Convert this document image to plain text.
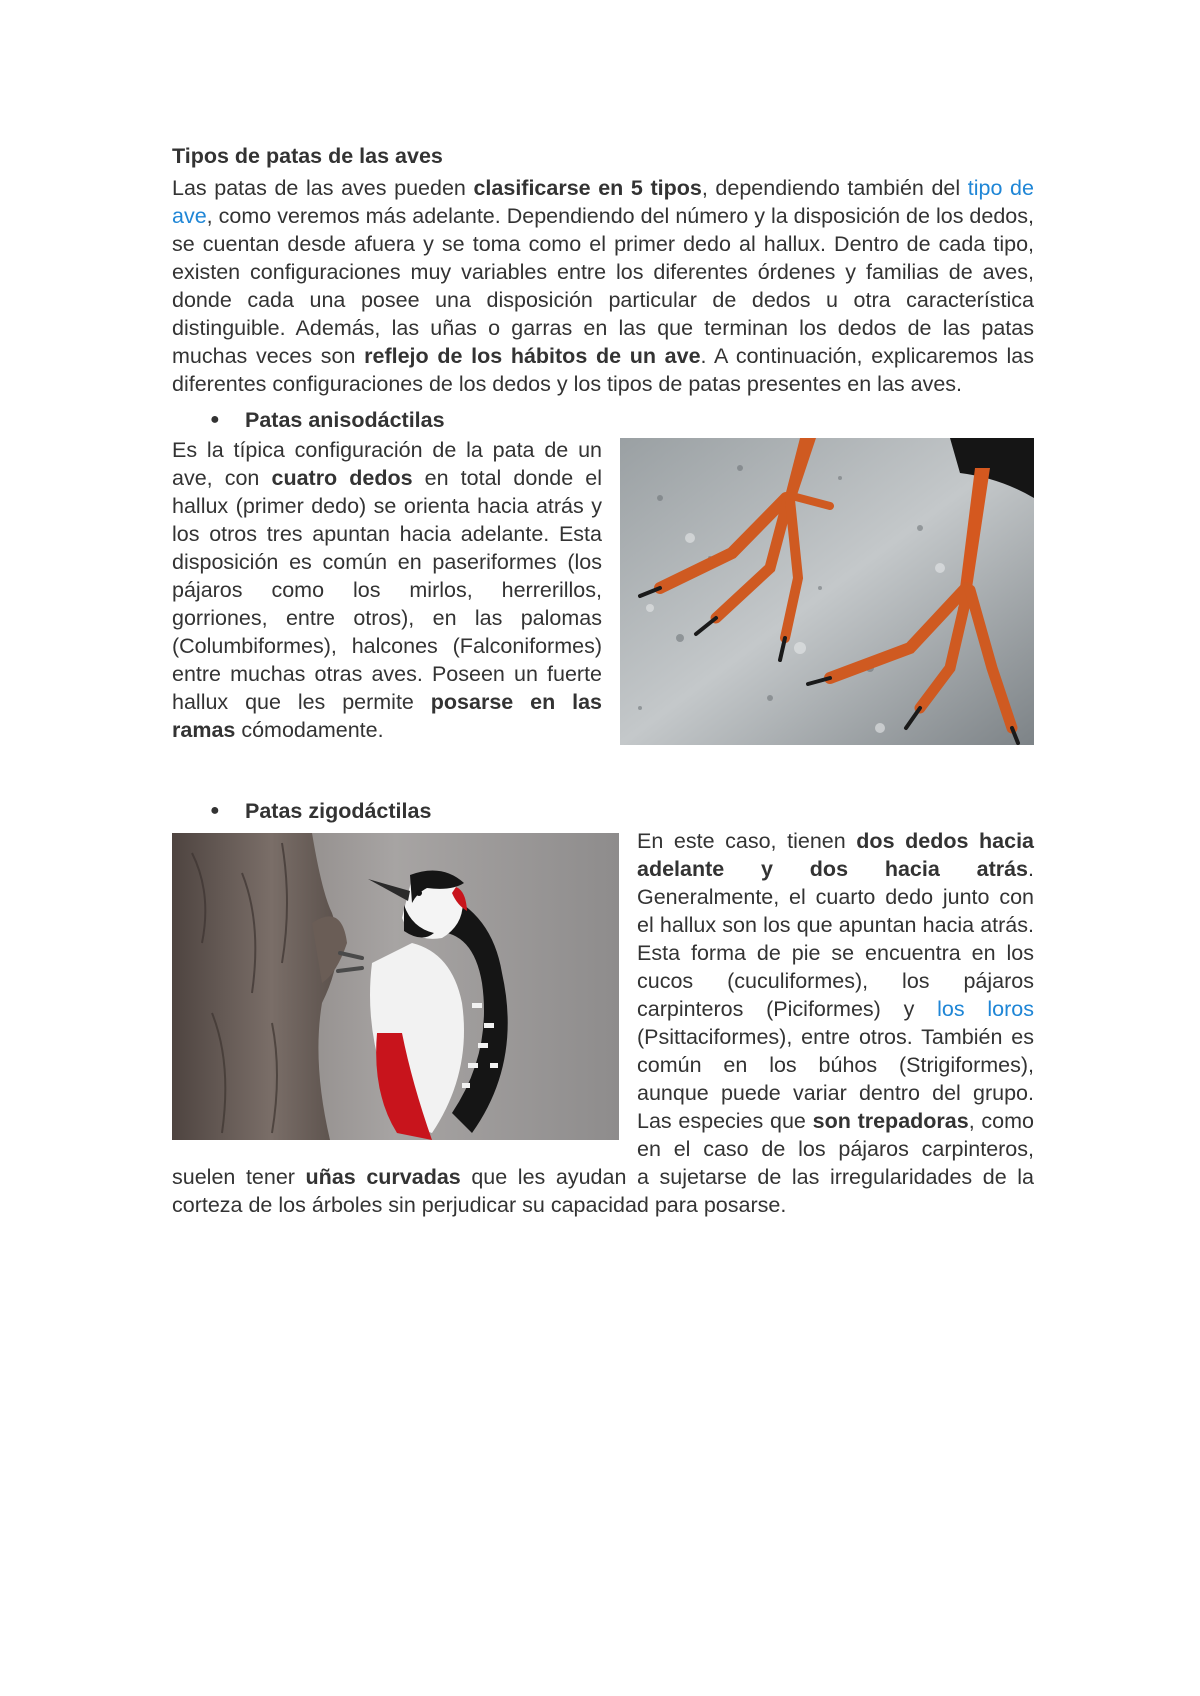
Tipos de patas de las aves

Las patas de las aves pueden clasificarse en 5 tipos, dependiendo también del tipo de ave, como veremos más adelante. Dependiendo del número y la disposición de los dedos, se cuentan desde afuera y se toma como el primer dedo al hallux. Dentro de cada tipo, existen configuraciones muy variables entre los diferentes órdenes y familias de aves, donde cada una posee una disposición particular de dedos u otra característica distinguible. Además, las uñas o garras en las que terminan los dedos de las patas muchas veces son reflejo de los hábitos de un ave. A continuación, explicaremos las diferentes configuraciones de los dedos y los tipos de patas presentes en las aves.

●	Patas anisodáctilas

Es la típica configuración de la pata de un ave, con cuatro dedos en total donde el hallux (primer dedo) se orienta hacia atrás y los otros tres apuntan hacia adelante. Esta disposición es común en paseriformes (los pájaros como los mirlos, herrerillos, gorriones, entre otros), en las palomas (Columbiformes), halcones (Falconiformes) entre muchas otras aves. Poseen un fuerte hallux que les permite posarse en las ramas cómodamente.

●	Patas zigodáctilas

En este caso, tienen dos dedos hacia adelante y dos hacia atrás. Generalmente, el cuarto dedo junto con el hallux son los que apuntan hacia atrás. Esta forma de pie se encuentra en los cucos (cuculiformes), los pájaros carpinteros (Piciformes) y los loros (Psittaciformes), entre otros. También es común en los búhos (Strigiformes), aunque puede variar dentro del grupo. Las especies que son trepadoras, como en el caso de los pájaros carpinteros, suelen tener uñas curvadas que les ayudan a sujetarse de las irregularidades de la corteza de los árboles sin perjudicar su capacidad para posarse.
